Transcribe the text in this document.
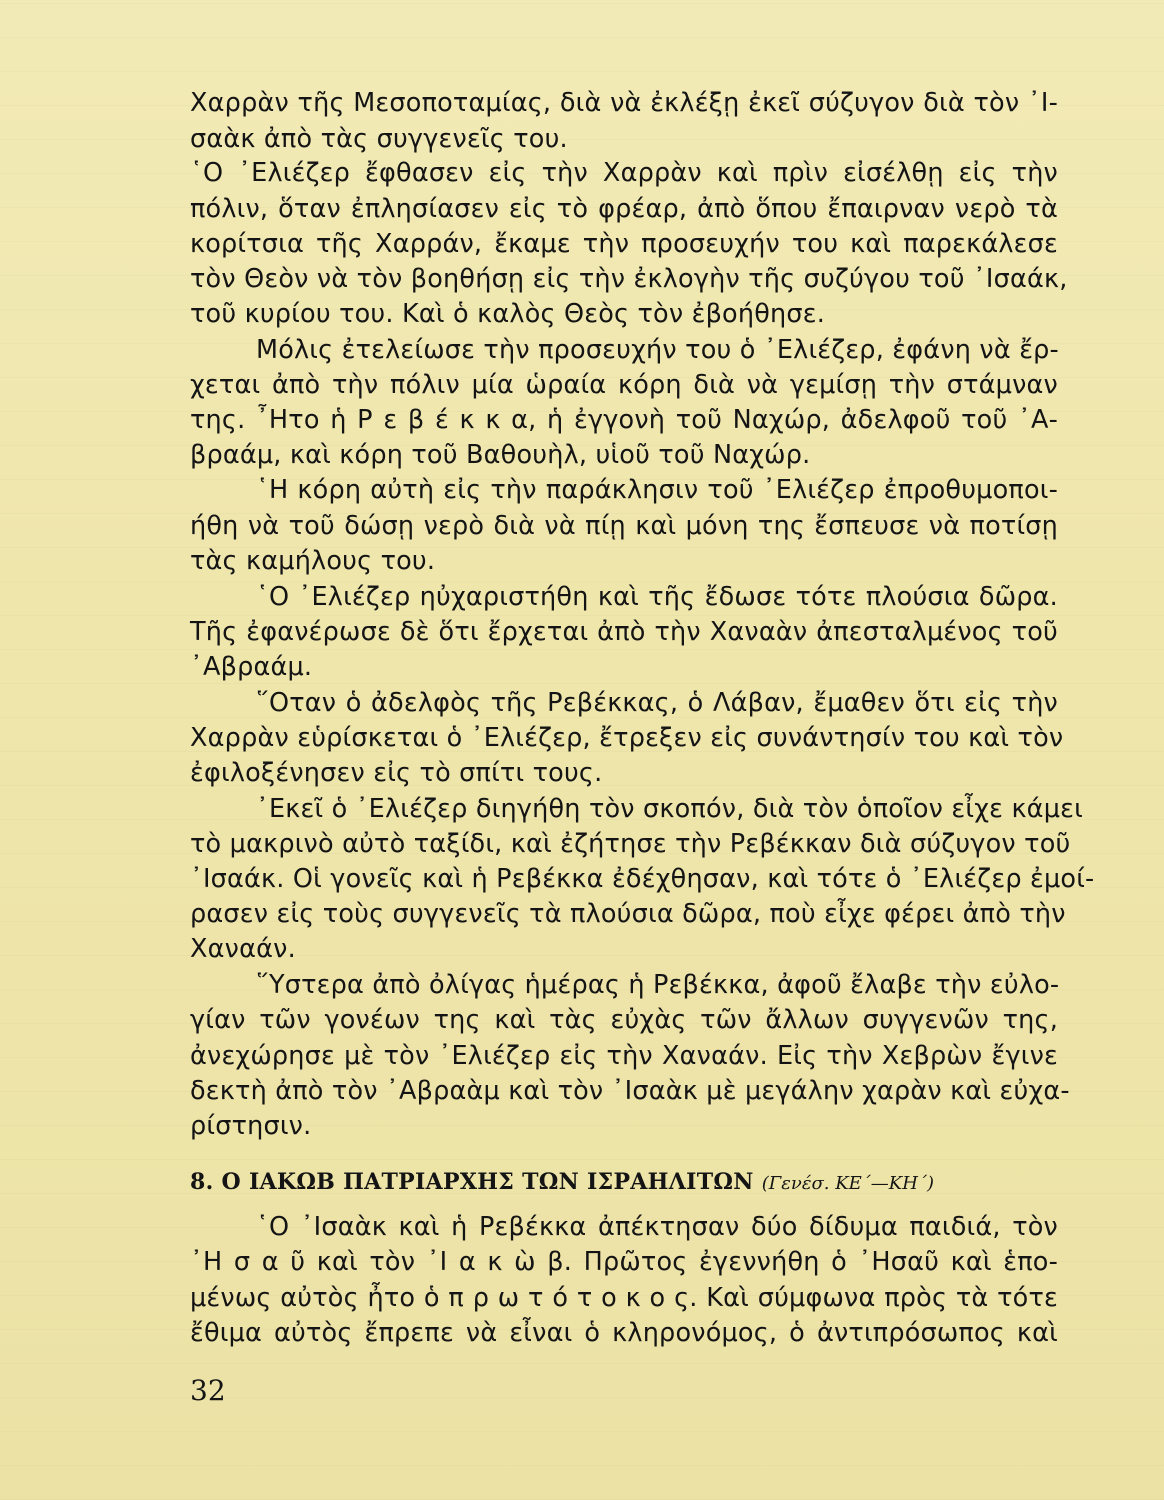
Χαρρὰν τῆς Μεσοποταμίας, διὰ νὰ ἐκλέξῃ ἐκεῖ σύζυγον διὰ τὸν ᾿Ι-
σαὰκ ἀπὸ τὰς συγγενεῖς του.
῾Ο ᾿Ελιέζερ ἔφθασεν εἰς τὴν Χαρρὰν καὶ πρὶν εἰσέλθῃ εἰς τὴν
πόλιν, ὅταν ἐπλησίασεν εἰς τὸ φρέαρ, ἀπὸ ὅπου ἔπαιρναν νερὸ τὰ
κορίτσια τῆς Χαρράν, ἔκαμε τὴν προσευχήν του καὶ παρεκάλεσε
τὸν Θεὸν νὰ τὸν βοηθήσῃ εἰς τὴν ἐκλογὴν τῆς συζύγου τοῦ ᾿Ισαάκ,
τοῦ κυρίου του. Καὶ ὁ καλὸς Θεὸς τὸν ἐβοήθησε.
Μόλις ἐτελείωσε τὴν προσευχήν του ὁ ᾿Ελιέζερ, ἐφάνη νὰ ἔρ-
χεται ἀπὸ τὴν πόλιν μία ὡραία κόρη διὰ νὰ γεμίσῃ τὴν στάμναν
της. ῏Ητο ἡ Ρ ε β έ κ κ α, ἡ ἐγγονὴ τοῦ Ναχώρ, ἀδελφοῦ τοῦ ᾿Α-
βραάμ, καὶ κόρη τοῦ Βαθουὴλ, υἱοῦ τοῦ Ναχώρ.
῾Η κόρη αὐτὴ εἰς τὴν παράκλησιν τοῦ ᾿Ελιέζερ ἐπροθυμοποι-
ήθη νὰ τοῦ δώσῃ νερὸ διὰ νὰ πίῃ καὶ μόνη της ἔσπευσε νὰ ποτίσῃ
τὰς καμήλους του.
῾Ο ᾿Ελιέζερ ηὐχαριστήθη καὶ τῆς ἔδωσε τότε πλούσια δῶρα.
Τῆς ἐφανέρωσε δὲ ὅτι ἔρχεται ἀπὸ τὴν Χαναὰν ἀπεσταλμένος τοῦ
᾿Αβραάμ.
῞Οταν ὁ ἀδελφὸς τῆς Ρεβέκκας, ὁ Λάβαν, ἔμαθεν ὅτι εἰς τὴν
Χαρρὰν εὑρίσκεται ὁ ᾿Ελιέζερ, ἔτρεξεν εἰς συνάντησίν του καὶ τὸν
ἐφιλοξένησεν εἰς τὸ σπίτι τους.
᾿Εκεῖ ὁ ᾿Ελιέζερ διηγήθη τὸν σκοπόν, διὰ τὸν ὁποῖον εἶχε κάμει
τὸ μακρινὸ αὐτὸ ταξίδι, καὶ ἐζήτησε τὴν Ρεβέκκαν διὰ σύζυγον τοῦ
᾿Ισαάκ. Οἱ γονεῖς καὶ ἡ Ρεβέκκα ἐδέχθησαν, καὶ τότε ὁ ᾿Ελιέζερ ἐμοί-
ρασεν εἰς τοὺς συγγενεῖς τὰ πλούσια δῶρα, ποὺ εἶχε φέρει ἀπὸ τὴν
Χαναάν.
῞Υστερα ἀπὸ ὀλίγας ἡμέρας ἡ Ρεβέκκα, ἀφοῦ ἔλαβε τὴν εὐλο-
γίαν τῶν γονέων της καὶ τὰς εὐχὰς τῶν ἄλλων συγγενῶν της,
ἀνεχώρησε μὲ τὸν ᾿Ελιέζερ εἰς τὴν Χαναάν. Εἰς τὴν Χεβρὼν ἔγινε
δεκτὴ ἀπὸ τὸν ᾿Αβραὰμ καὶ τὸν ᾿Ισαὰκ μὲ μεγάλην χαρὰν καὶ εὐχα-
ρίστησιν.
8. Ο ΙΑΚΩΒ ΠΑΤΡΙΑΡΧΗΣ ΤΩΝ ΙΣΡΑΗΛΙΤΩΝ (Γενέσ. ΚΕ΄—ΚΗ΄)
῾Ο ᾿Ισαὰκ καὶ ἡ Ρεβέκκα ἀπέκτησαν δύο δίδυμα παιδιά, τὸν
᾿Η σ α ῦ καὶ τὸν ᾿Ι α κ ὼ β. Πρῶτος ἐγεννήθη ὁ ᾿Ησαῦ καὶ ἑπο-
μένως αὐτὸς ἦτο ὁ π ρ ω τ ό τ ο κ ο ς. Καὶ σύμφωνα πρὸς τὰ τότε
ἔθιμα αὐτὸς ἔπρεπε νὰ εἶναι ὁ κληρονόμος, ὁ ἀντιπρόσωπος καὶ
32
